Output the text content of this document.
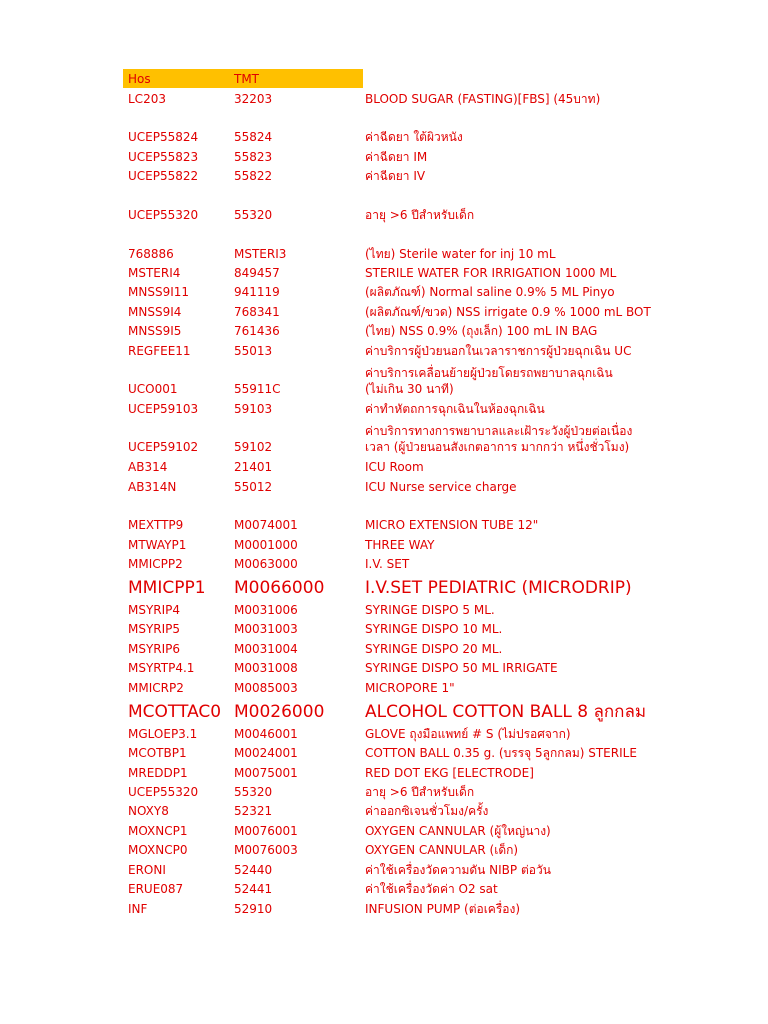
Hos	TMT
LC203	32203	BLOOD SUGAR (FASTING)[FBS] (45บาท)
UCEP55824	55824	ค่าฉีดยา ใต้ผิวหนัง
UCEP55823	55823	ค่าฉีดยา IM
UCEP55822	55822	ค่าฉีดยา IV
UCEP55320	55320	อายุ >6 ปีสำหรับเด็ก
768886	MSTERI3	(ไทย) Sterile water for inj 10 mL
MSTERI4	849457	STERILE WATER FOR IRRIGATION 1000 ML
MNSS9I11	941119	(ผลิตภัณฑ์) Normal saline 0.9% 5 ML Pinyo
MNSS9I4	768341	(ผลิตภัณฑ์/ขวด) NSS irrigate 0.9 % 1000 mL BOT
MNSS9I5	761436	(ไทย) NSS 0.9% (ถุงเล็ก) 100 mL IN BAG
REGFEE11	55013	ค่าบริการผู้ป่วยนอกในเวลาราชการผู้ป่วยฉุกเฉิน UC
ค่าบริการเคลื่อนย้ายผู้ป่วยโดยรถพยาบาลฉุกเฉิน
UCO001	55911C	(ไม่เกิน 30 นาที)
UCEP59103	59103	ค่าทำหัตถการฉุกเฉินในห้องฉุกเฉิน
ค่าบริการทางการพยาบาลและเฝ้าระวังผู้ป่วยต่อเนื่อง
UCEP59102	59102	เวลา (ผู้ป่วยนอนสังเกตอาการ มากกว่า หนึ่งชั่วโมง)
AB314	21401	ICU Room
AB314N	55012	ICU Nurse service charge
MEXTTP9	M0074001	MICRO EXTENSION TUBE 12"
MTWAYP1	M0001000	THREE WAY
MMICPP2	M0063000	I.V. SET
MMICPP1 M0066000 I.V.SET PEDIATRIC (MICRODRIP)
MSYRIP4	M0031006	SYRINGE DISPO 5 ML.
MSYRIP5	M0031003	SYRINGE DISPO 10 ML.
MSYRIP6	M0031004	SYRINGE DISPO 20 ML.
MSYRTP4.1	M0031008	SYRINGE DISPO 50 ML IRRIGATE
MMICRP2	M0085003	MICROPORE 1"
MCOTTAC0 M0026000 ALCOHOL COTTON BALL 8 ลูกกลม
MGLOEP3.1	M0046001	GLOVE ถุงมือแพทย์ # S (ไม่ปรอศจาก)
MCOTBP1	M0024001	COTTON BALL 0.35 g. (บรรจุ 5ลูกกลม) STERILE
MREDDP1	M0075001	RED DOT EKG [ELECTRODE]
UCEP55320	55320	อายุ >6 ปีสำหรับเด็ก
NOXY8	52321	ค่าออกซิเจนชั่วโมง/ครั้ง
MOXNCP1	M0076001	OXYGEN CANNULAR (ผู้ใหญ่นาง)
MOXNCP0	M0076003	OXYGEN CANNULAR (เด็ก)
ERONI	52440	ค่าใช้เครื่องวัดความดัน NIBP ต่อวัน
ERUE087	52441	ค่าใช้เครื่องวัดค่า O2 sat
INF	52910	INFUSION PUMP (ต่อเครื่อง)
